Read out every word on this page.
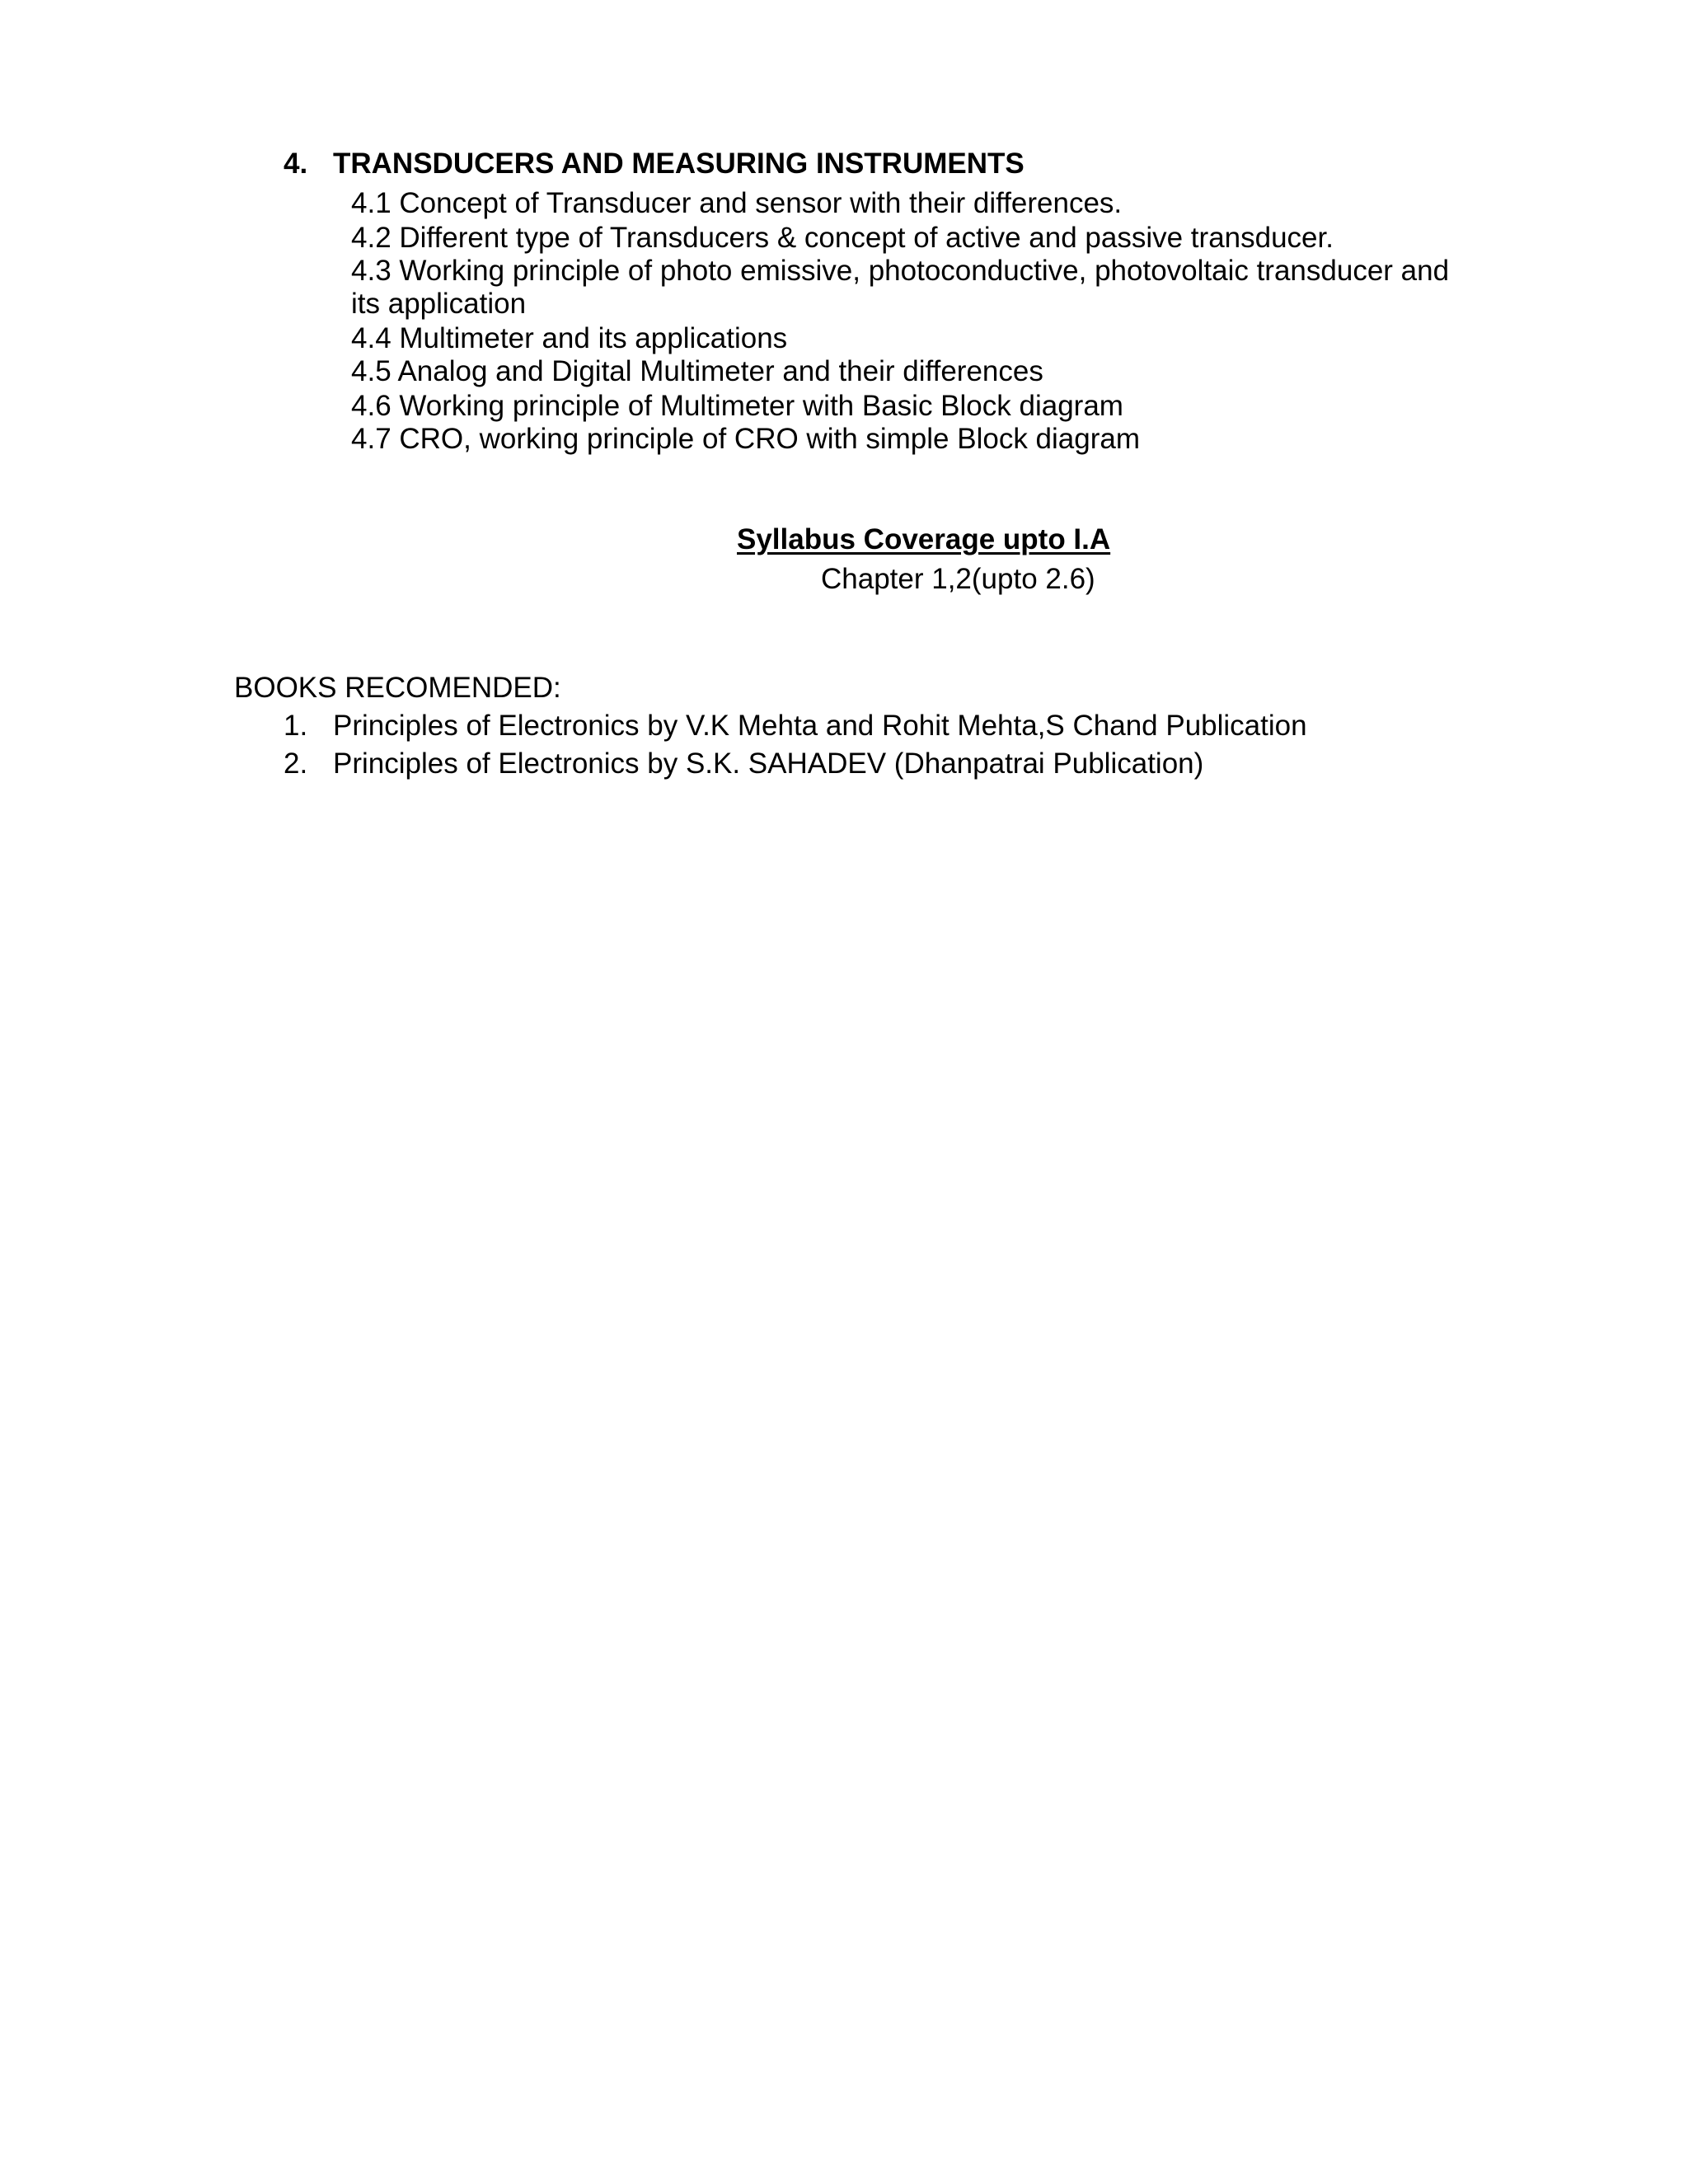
4. TRANSDUCERS AND MEASURING INSTRUMENTS
4.1 Concept of Transducer and sensor with their differences.
4.2 Different type of Transducers & concept of active and passive transducer.
4.3 Working principle of photo emissive, photoconductive, photovoltaic transducer and
its application
4.4 Multimeter and its applications
4.5 Analog and Digital Multimeter and their differences
4.6 Working principle of Multimeter with Basic Block diagram
4.7 CRO, working principle of CRO with simple Block diagram
Syllabus Coverage upto I.A
Chapter 1,2(upto 2.6)
BOOKS RECOMENDED:
1. Principles of Electronics by V.K Mehta and Rohit Mehta,S Chand Publication
2. Principles of Electronics by S.K. SAHADEV (Dhanpatrai Publication)
